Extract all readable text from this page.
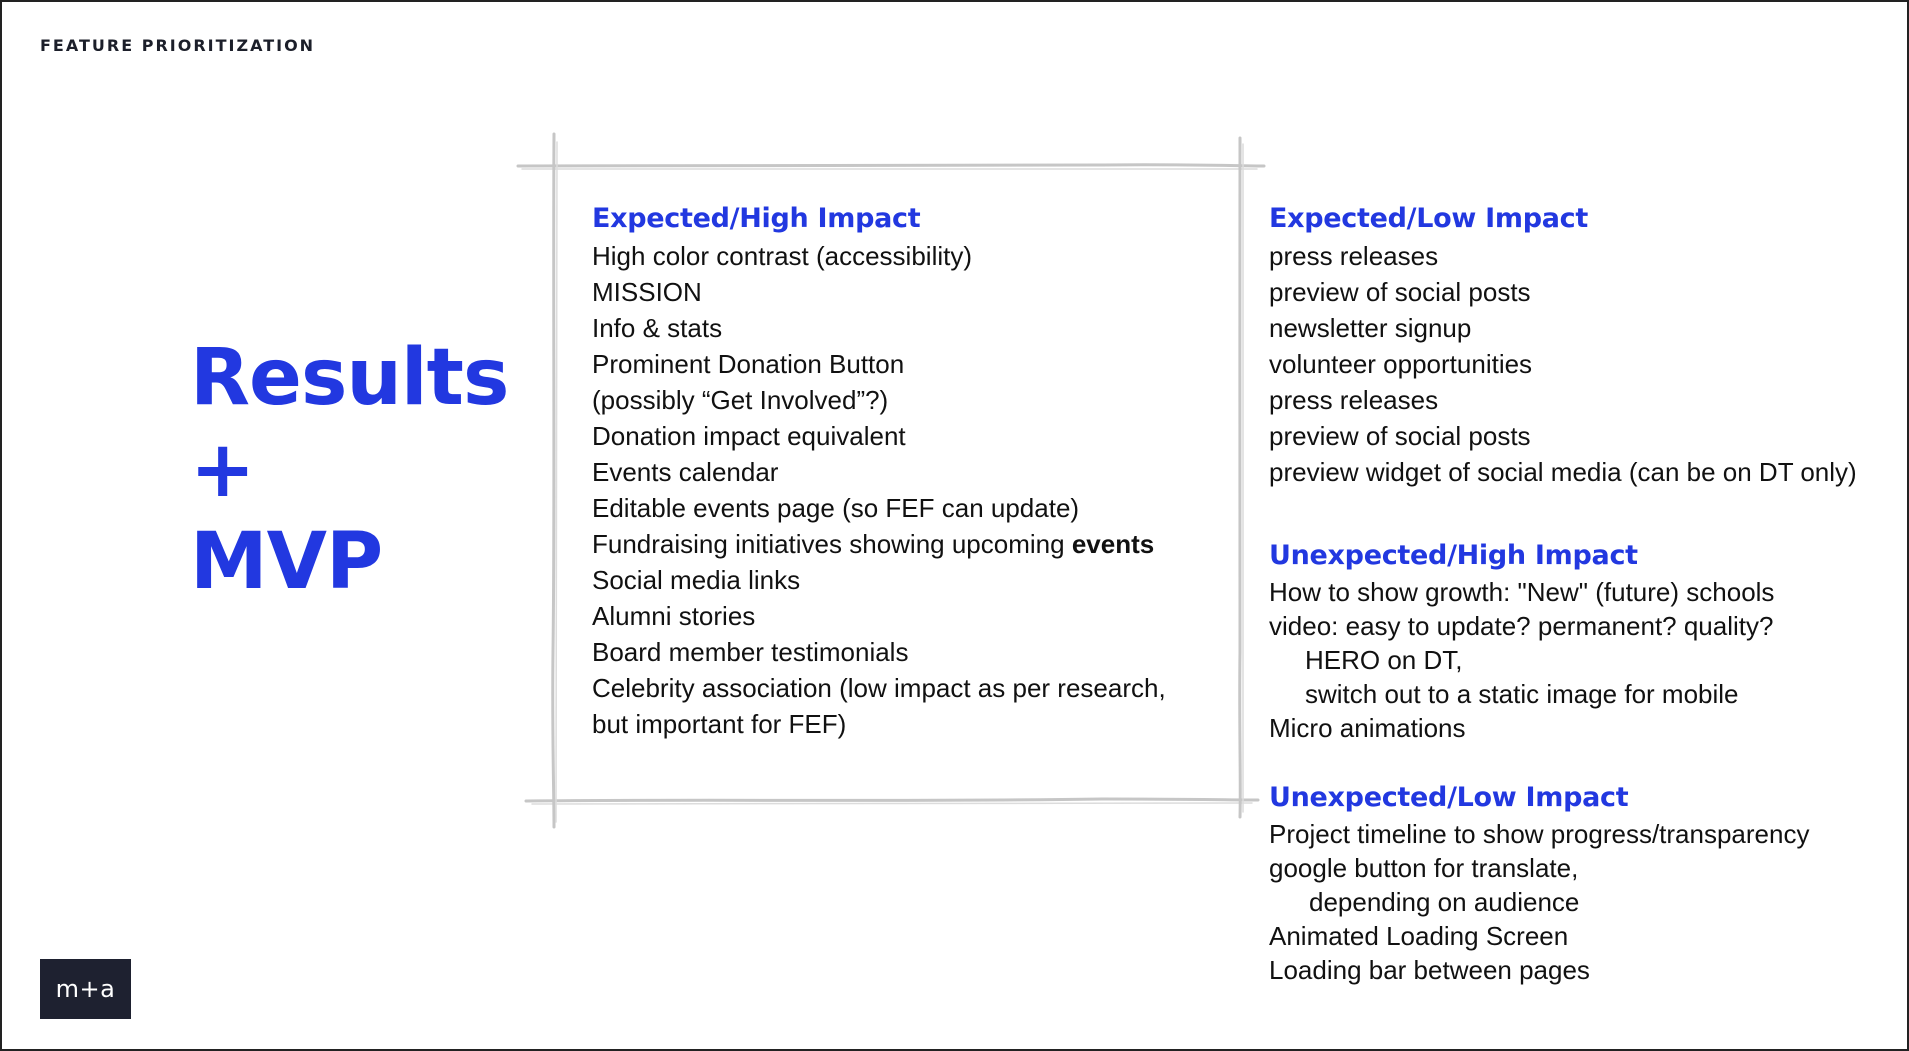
FEATURE PRIORITIZATION
Results
+
MVP
Expected/High Impact
High color contrast (accessibility)
MISSION
Info & stats
Prominent Donation Button
(possibly “Get Involved”?)
Donation impact equivalent
Events calendar
Editable events page (so FEF can update)
Fundraising initiatives showing upcoming events
Social media links
Alumni stories
Board member testimonials
Celebrity association (low impact as per research,
but important for FEF)
Expected/Low Impact
press releases
preview of social posts
newsletter signup
volunteer opportunities
press releases
preview of social posts
preview widget of social media (can be on DT only)
Unexpected/High Impact
How to show growth: "New" (future) schools
video: easy to update? permanent? quality?
HERO on DT,
switch out to a static image for mobile
Micro animations
Unexpected/Low Impact
Project timeline to show progress/transparency
google button for translate,
depending on audience
Animated Loading Screen
Loading bar between pages
m+a
